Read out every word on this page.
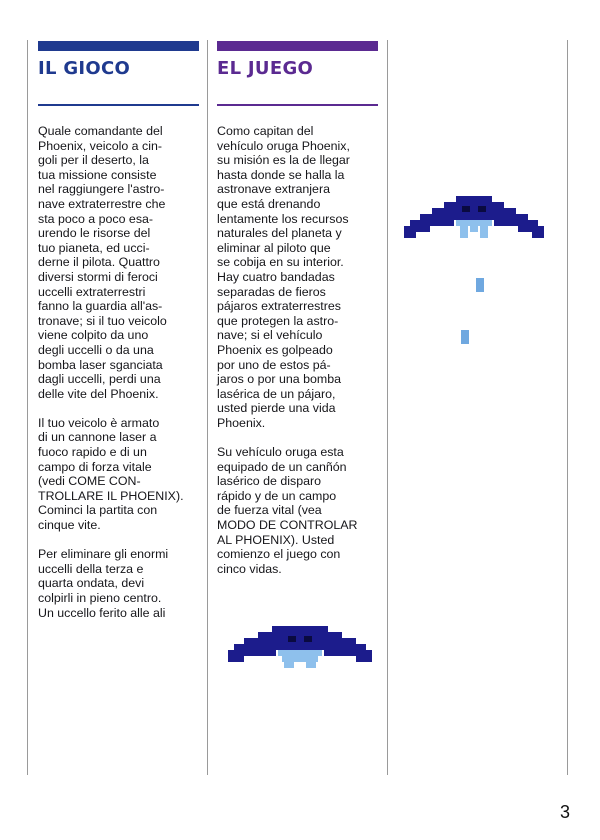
IL GIOCO

Quale comandante del
Phoenix, veicolo a cin-
goli per il deserto, la
tua missione consiste
nel raggiungere l'astro-
nave extraterrestre che
sta poco a poco esa-
urendo le risorse del
tuo pianeta, ed ucci-
derne il pilota. Quattro
diversi stormi di feroci
uccelli extraterrestri
fanno la guardia all'as-
tronave; si il tuo veicolo
viene colpito da uno
degli uccelli o da una
bomba laser sganciata
dagli uccelli, perdi una
delle vite del Phoenix.

Il tuo veicolo è armato
di un cannone laser a
fuoco rapido e di un
campo di forza vitale
(vedi COME CON-
TROLLARE IL PHOENIX).
Cominci la partita con
cinque vite.

Per eliminare gli enormi
uccelli della terza e
quarta ondata, devi
colpirli in pieno centro.
Un uccello ferito alle ali

EL JUEGO

Como capitan del
vehículo oruga Phoenix,
su misión es la de llegar
hasta donde se halla la
astronave extranjera
que está drenando
lentamente los recursos
naturales del planeta y
eliminar al piloto que
se cobija en su interior.
Hay cuatro bandadas
separadas de fieros
pájaros extraterrestres
que protegen la astro-
nave; si el vehículo
Phoenix es golpeado
por uno de estos pá-
jaros o por una bomba
lasérica de un pájaro,
usted pierde una vida
Phoenix.

Su vehículo oruga esta
equipado de un canñón
lasérico de disparo
rápido y de un campo
de fuerza vital (vea
MODO DE CONTROLAR
AL PHOENIX). Usted
comienzo el juego con
cinco vidas.

3
